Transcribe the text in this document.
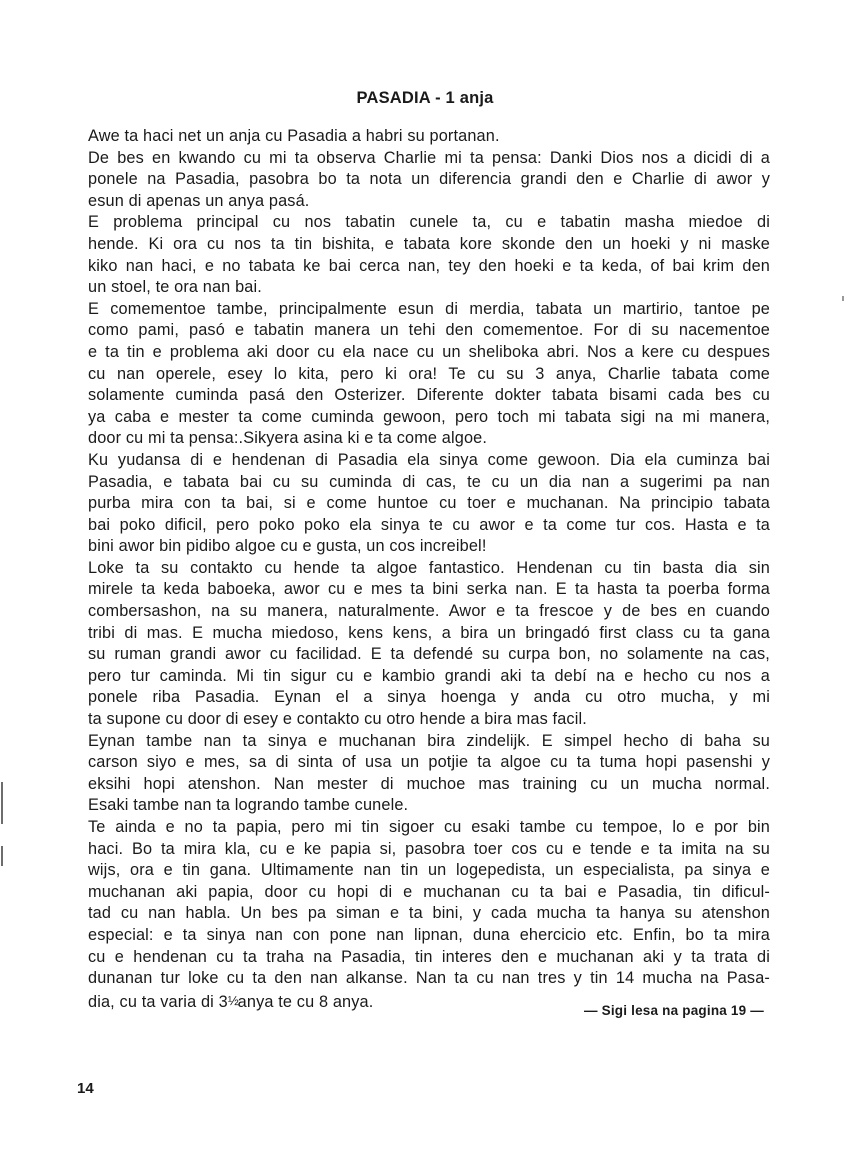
PASADIA - 1 anja
Awe ta haci net un anja cu Pasadia a habri su portanan.
De bes en kwando cu mi ta observa Charlie mi ta pensa: Danki Dios nos a dicidi di a
ponele na Pasadia, pasobra bo ta nota un diferencia grandi den e Charlie di awor y
esun di apenas un anya pasá.
E problema principal cu nos tabatin cunele ta, cu e tabatin masha miedoe di
hende. Ki ora cu nos ta tin bishita, e tabata kore skonde den un hoeki y ni maske
kiko nan haci, e no tabata ke bai cerca nan, tey den hoeki e ta keda, of bai krim den
un stoel, te ora nan bai.
E comementoe tambe, principalmente esun di merdia, tabata un martirio, tantoe pe
como pami, pasó e tabatin manera un tehi den comementoe. For di su nacementoe
e ta tin e problema aki door cu ela nace cu un sheliboka abri. Nos a kere cu despues
cu nan operele, esey lo kita, pero ki ora! Te cu su 3 anya, Charlie tabata come
solamente cuminda pasá den Osterizer. Diferente dokter tabata bisami cada bes cu
ya caba e mester ta come cuminda gewoon, pero toch mi tabata sigi na mi manera,
door cu mi ta pensa:.Sikyera asina ki e ta come algoe.
Ku yudansa di e hendenan di Pasadia ela sinya come gewoon. Dia ela cuminza bai
Pasadia, e tabata bai cu su cuminda di cas, te cu un dia nan a sugerimi pa nan
purba mira con ta bai, si e come huntoe cu toer e muchanan. Na principio tabata
bai poko dificil, pero poko poko ela sinya te cu awor e ta come tur cos. Hasta e ta
bini awor bin pidibo algoe cu e gusta, un cos increibel!
Loke ta su contakto cu hende ta algoe fantastico. Hendenan cu tin basta dia sin
mirele ta keda baboeka, awor cu e mes ta bini serka nan. E ta hasta ta poerba forma
combersashon, na su manera, naturalmente. Awor e ta frescoe y de bes en cuando
tribi di mas. E mucha miedoso, kens kens, a bira un bringadó first class cu ta gana
su ruman grandi awor cu facilidad. E ta defendé su curpa bon, no solamente na cas,
pero tur caminda. Mi tin sigur cu e kambio grandi aki ta debí na e hecho cu nos a
ponele riba Pasadia. Eynan el a sinya hoenga y anda cu otro mucha, y mi
ta supone cu door di esey e contakto cu otro hende a bira mas facil.
Eynan tambe nan ta sinya e muchanan bira zindelijk. E simpel hecho di baha su
carson siyo e mes, sa di sinta of usa un potjie ta algoe cu ta tuma hopi pasenshi y
eksihi hopi atenshon. Nan mester di muchoe mas training cu un mucha normal.
Esaki tambe nan ta logrando tambe cunele.
Te ainda e no ta papia, pero mi tin sigoer cu esaki tambe cu tempoe, lo e por bin
haci. Bo ta mira kla, cu e ke papia si, pasobra toer cos cu e tende e ta imita na su
wijs, ora e tin gana. Ultimamente nan tin un logepedista, un especialista, pa sinya e
muchanan aki papia, door cu hopi di e muchanan cu ta bai e Pasadia, tin dificul-
tad cu nan habla. Un bes pa siman e ta bini, y cada mucha ta hanya su atenshon
especial: e ta sinya nan con pone nan lipnan, duna ehercicio etc. Enfin, bo ta mira
cu e hendenan cu ta traha na Pasadia, tin interes den e muchanan aki y ta trata di
dunanan tur loke cu ta den nan alkanse. Nan ta cu nan tres y tin 14 mucha na Pasa-
dia, cu ta varia di 3½anya te cu 8 anya.	— Sigi lesa na pagina 19 —
14
